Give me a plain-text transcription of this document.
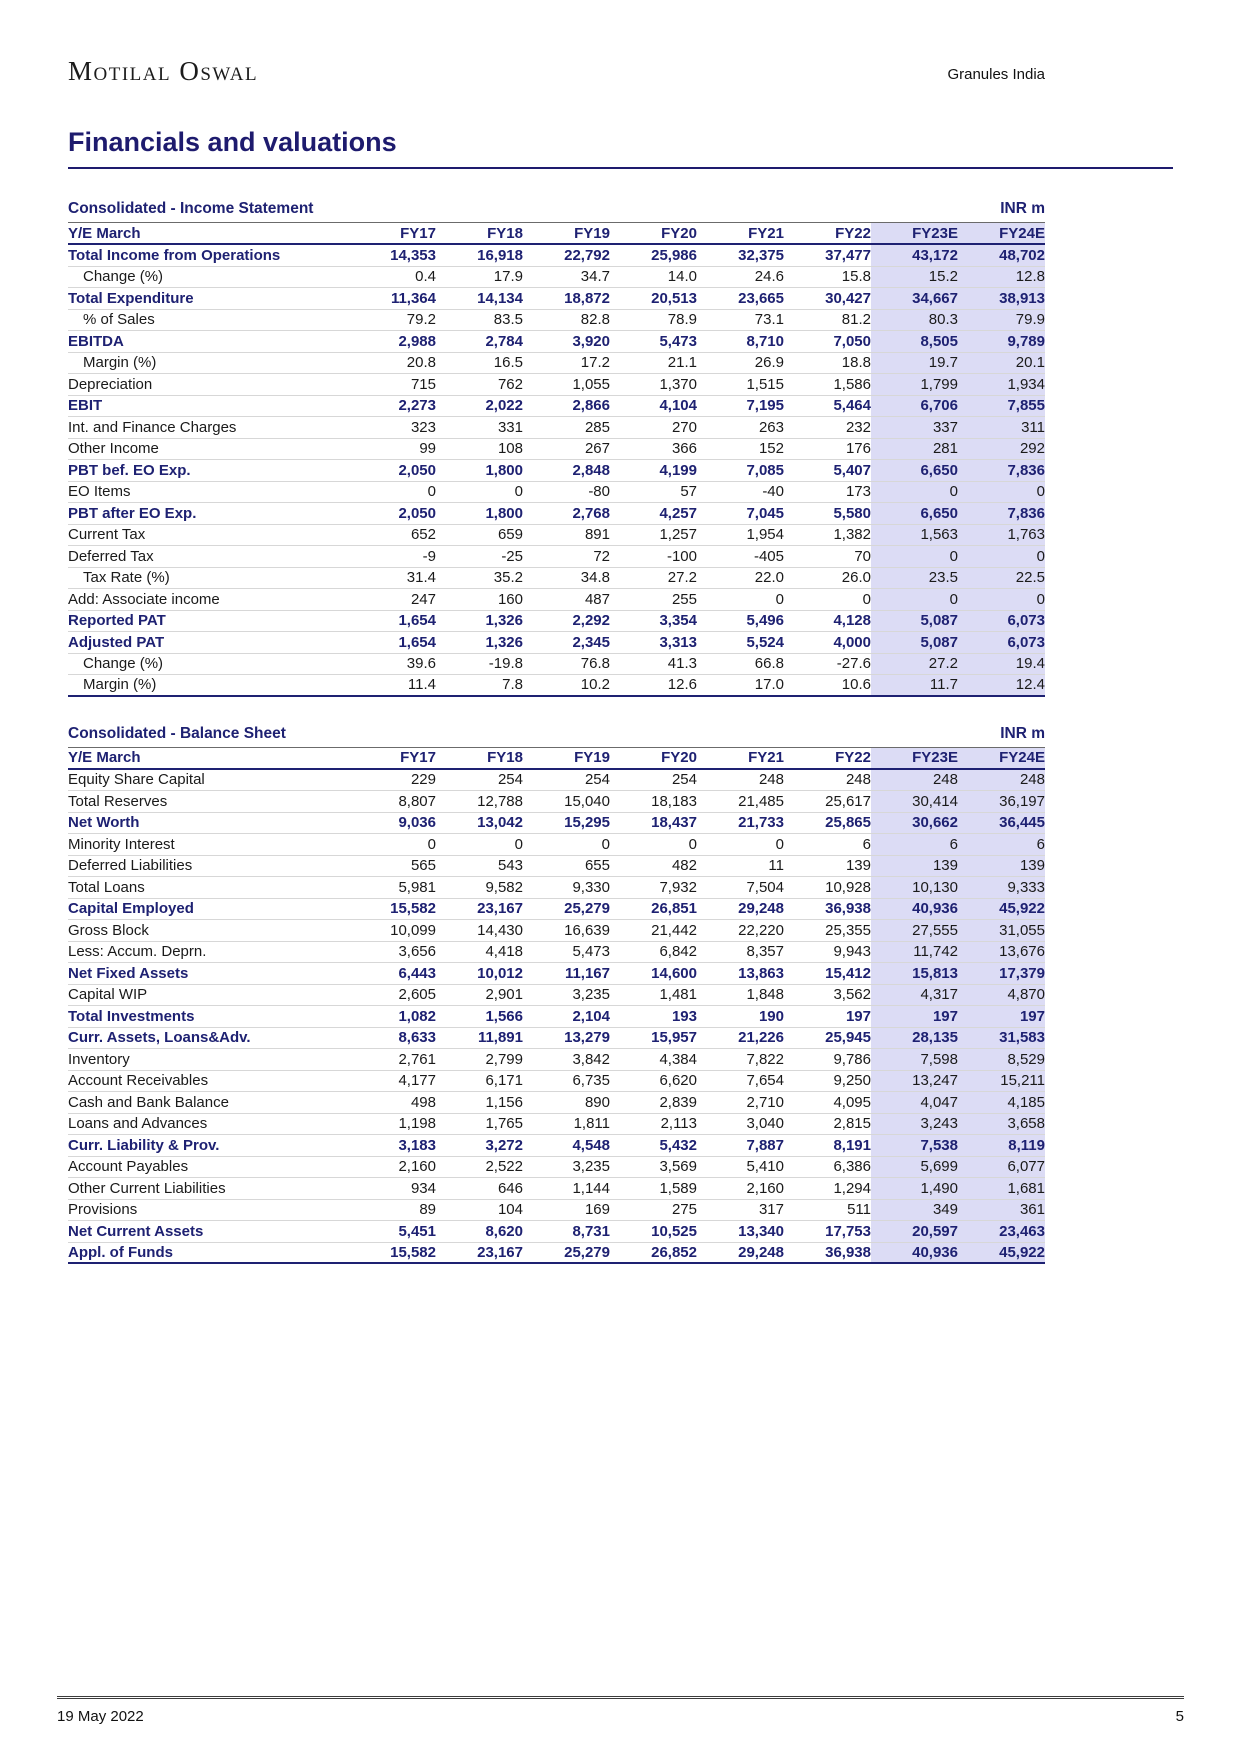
Motilal Oswal	Granules India
Financials and valuations
Consolidated - Income Statement	INR m
Y/E March	FY17	FY18	FY19	FY20	FY21	FY22	FY23E	FY24E
Total Income from Operations	14,353	16,918	22,792	25,986	32,375	37,477	43,172	48,702
Change (%)	0.4	17.9	34.7	14.0	24.6	15.8	15.2	12.8
Total Expenditure	11,364	14,134	18,872	20,513	23,665	30,427	34,667	38,913
% of Sales	79.2	83.5	82.8	78.9	73.1	81.2	80.3	79.9
EBITDA	2,988	2,784	3,920	5,473	8,710	7,050	8,505	9,789
Margin (%)	20.8	16.5	17.2	21.1	26.9	18.8	19.7	20.1
Depreciation	715	762	1,055	1,370	1,515	1,586	1,799	1,934
EBIT	2,273	2,022	2,866	4,104	7,195	5,464	6,706	7,855
Int. and Finance Charges	323	331	285	270	263	232	337	311
Other Income	99	108	267	366	152	176	281	292
PBT bef. EO Exp.	2,050	1,800	2,848	4,199	7,085	5,407	6,650	7,836
EO Items	0	0	-80	57	-40	173	0	0
PBT after EO Exp.	2,050	1,800	2,768	4,257	7,045	5,580	6,650	7,836
Current Tax	652	659	891	1,257	1,954	1,382	1,563	1,763
Deferred Tax	-9	-25	72	-100	-405	70	0	0
Tax Rate (%)	31.4	35.2	34.8	27.2	22.0	26.0	23.5	22.5
Add: Associate income	247	160	487	255	0	0	0	0
Reported PAT	1,654	1,326	2,292	3,354	5,496	4,128	5,087	6,073
Adjusted PAT	1,654	1,326	2,345	3,313	5,524	4,000	5,087	6,073
Change (%)	39.6	-19.8	76.8	41.3	66.8	-27.6	27.2	19.4
Margin (%)	11.4	7.8	10.2	12.6	17.0	10.6	11.7	12.4
Consolidated - Balance Sheet	INR m
Y/E March	FY17	FY18	FY19	FY20	FY21	FY22	FY23E	FY24E
Equity Share Capital	229	254	254	254	248	248	248	248
Total Reserves	8,807	12,788	15,040	18,183	21,485	25,617	30,414	36,197
Net Worth	9,036	13,042	15,295	18,437	21,733	25,865	30,662	36,445
Minority Interest	0	0	0	0	0	6	6	6
Deferred Liabilities	565	543	655	482	11	139	139	139
Total Loans	5,981	9,582	9,330	7,932	7,504	10,928	10,130	9,333
Capital Employed	15,582	23,167	25,279	26,851	29,248	36,938	40,936	45,922
Gross Block	10,099	14,430	16,639	21,442	22,220	25,355	27,555	31,055
Less: Accum. Deprn.	3,656	4,418	5,473	6,842	8,357	9,943	11,742	13,676
Net Fixed Assets	6,443	10,012	11,167	14,600	13,863	15,412	15,813	17,379
Capital WIP	2,605	2,901	3,235	1,481	1,848	3,562	4,317	4,870
Total Investments	1,082	1,566	2,104	193	190	197	197	197
Curr. Assets, Loans&Adv.	8,633	11,891	13,279	15,957	21,226	25,945	28,135	31,583
Inventory	2,761	2,799	3,842	4,384	7,822	9,786	7,598	8,529
Account Receivables	4,177	6,171	6,735	6,620	7,654	9,250	13,247	15,211
Cash and Bank Balance	498	1,156	890	2,839	2,710	4,095	4,047	4,185
Loans and Advances	1,198	1,765	1,811	2,113	3,040	2,815	3,243	3,658
Curr. Liability & Prov.	3,183	3,272	4,548	5,432	7,887	8,191	7,538	8,119
Account Payables	2,160	2,522	3,235	3,569	5,410	6,386	5,699	6,077
Other Current Liabilities	934	646	1,144	1,589	2,160	1,294	1,490	1,681
Provisions	89	104	169	275	317	511	349	361
Net Current Assets	5,451	8,620	8,731	10,525	13,340	17,753	20,597	23,463
Appl. of Funds	15,582	23,167	25,279	26,852	29,248	36,938	40,936	45,922
19 May 2022	5
